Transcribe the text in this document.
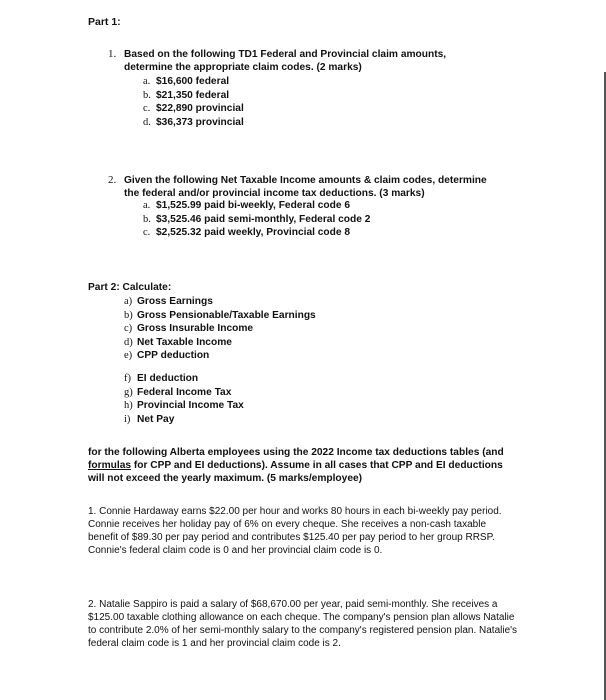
Part 1:
1. Based on the following TD1 Federal and Provincial claim amounts,
determine the appropriate claim codes. (2 marks)
a. $16,600 federal
b. $21,350 federal
c. $22,890 provincial
d. $36,373 provincial
2. Given the following Net Taxable Income amounts & claim codes, determine
the federal and/or provincial income tax deductions. (3 marks)
a. $1,525.99 paid bi-weekly, Federal code 6
b. $3,525.46 paid semi-monthly, Federal code 2
c. $2,525.32 paid weekly, Provincial code 8
Part 2: Calculate:
a) Gross Earnings
b) Gross Pensionable/Taxable Earnings
c) Gross Insurable Income
d) Net Taxable Income
e) CPP deduction
f) EI deduction
g) Federal Income Tax
h) Provincial Income Tax
i) Net Pay
for the following Alberta employees using the 2022 Income tax deductions tables (and formulas for CPP and EI deductions). Assume in all cases that CPP and EI deductions will not exceed the yearly maximum. (5 marks/employee)
1. Connie Hardaway earns $22.00 per hour and works 80 hours in each bi-weekly pay period. Connie receives her holiday pay of 6% on every cheque. She receives a non-cash taxable benefit of $89.30 per pay period and contributes $125.40 per pay period to her group RRSP. Connie's federal claim code is 0 and her provincial claim code is 0.
2. Natalie Sappiro is paid a salary of $68,670.00 per year, paid semi-monthly. She receives a $125.00 taxable clothing allowance on each cheque. The company's pension plan allows Natalie to contribute 2.0% of her semi-monthly salary to the company's registered pension plan. Natalie's federal claim code is 1 and her provincial claim code is 2.
